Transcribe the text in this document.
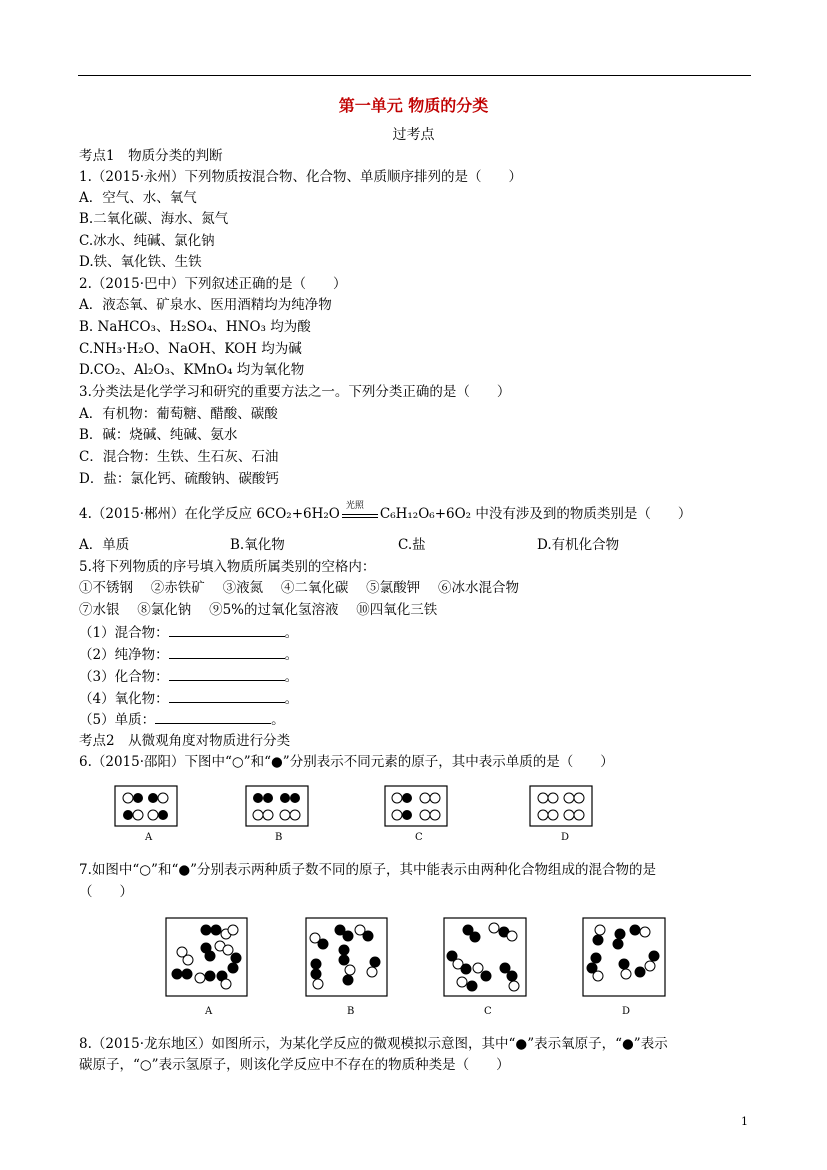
第一单元 物质的分类
过考点
考点1　物质分类的判断
1.（2015·永州）下列物质按混合物、化合物、单质顺序排列的是（　　）
A．空气、水、氧气
B.二氧化碳、海水、氮气
C.冰水、纯碱、氯化钠
D.铁、氧化铁、生铁
2.（2015·巴中）下列叙述正确的是（　　）
A．液态氧、矿泉水、医用酒精均为纯净物
B. NaHCO₃、H₂SO₄、HNO₃ 均为酸
C.NH₃·H₂O、NaOH、KOH 均为碱
D.CO₂、Al₂O₃、KMnO₄ 均为氧化物
3.分类法是化学学习和研究的重要方法之一。下列分类正确的是（　　）
A．有机物：葡萄糖、醋酸、碳酸
B．碱：烧碱、纯碱、氨水
C．混合物：生铁、生石灰、石油
D．盐：氯化钙、硫酸钠、碳酸钙
4.（2015·郴州）在化学反应 6CO₂+6H₂O 光照 C₆H₁₂O₆+6O₂ 中没有涉及到的物质类别是（　　）
A．单质	B.氧化物	C.盐	D.有机化合物
5.将下列物质的序号填入物质所属类别的空格内：
①不锈钢　 ②赤铁矿　 ③液氮　 ④二氧化碳　 ⑤氯酸钾　 ⑥冰水混合物
⑦水银　 ⑧氯化钠　 ⑨5%的过氧化氢溶液　 ⑩四氧化三铁
（1）混合物：	。
（2）纯净物：	。
（3）化合物：	。
（4）氧化物：	。
（5）单质：	。
考点2　从微观角度对物质进行分类
6.（2015·邵阳）下图中“○”和“●”分别表示不同元素的原子，其中表示单质的是（　　）
A	B	C	D
7.如图中“○”和“●”分别表示两种质子数不同的原子，其中能表示由两种化合物组成的混合物的是
（　　）
A	B	C	D
8.（2015·龙东地区）如图所示，为某化学反应的微观模拟示意图，其中“●”表示氧原子，“●”表示
碳原子，“○”表示氢原子，则该化学反应中不存在的物质种类是（　　）
1
